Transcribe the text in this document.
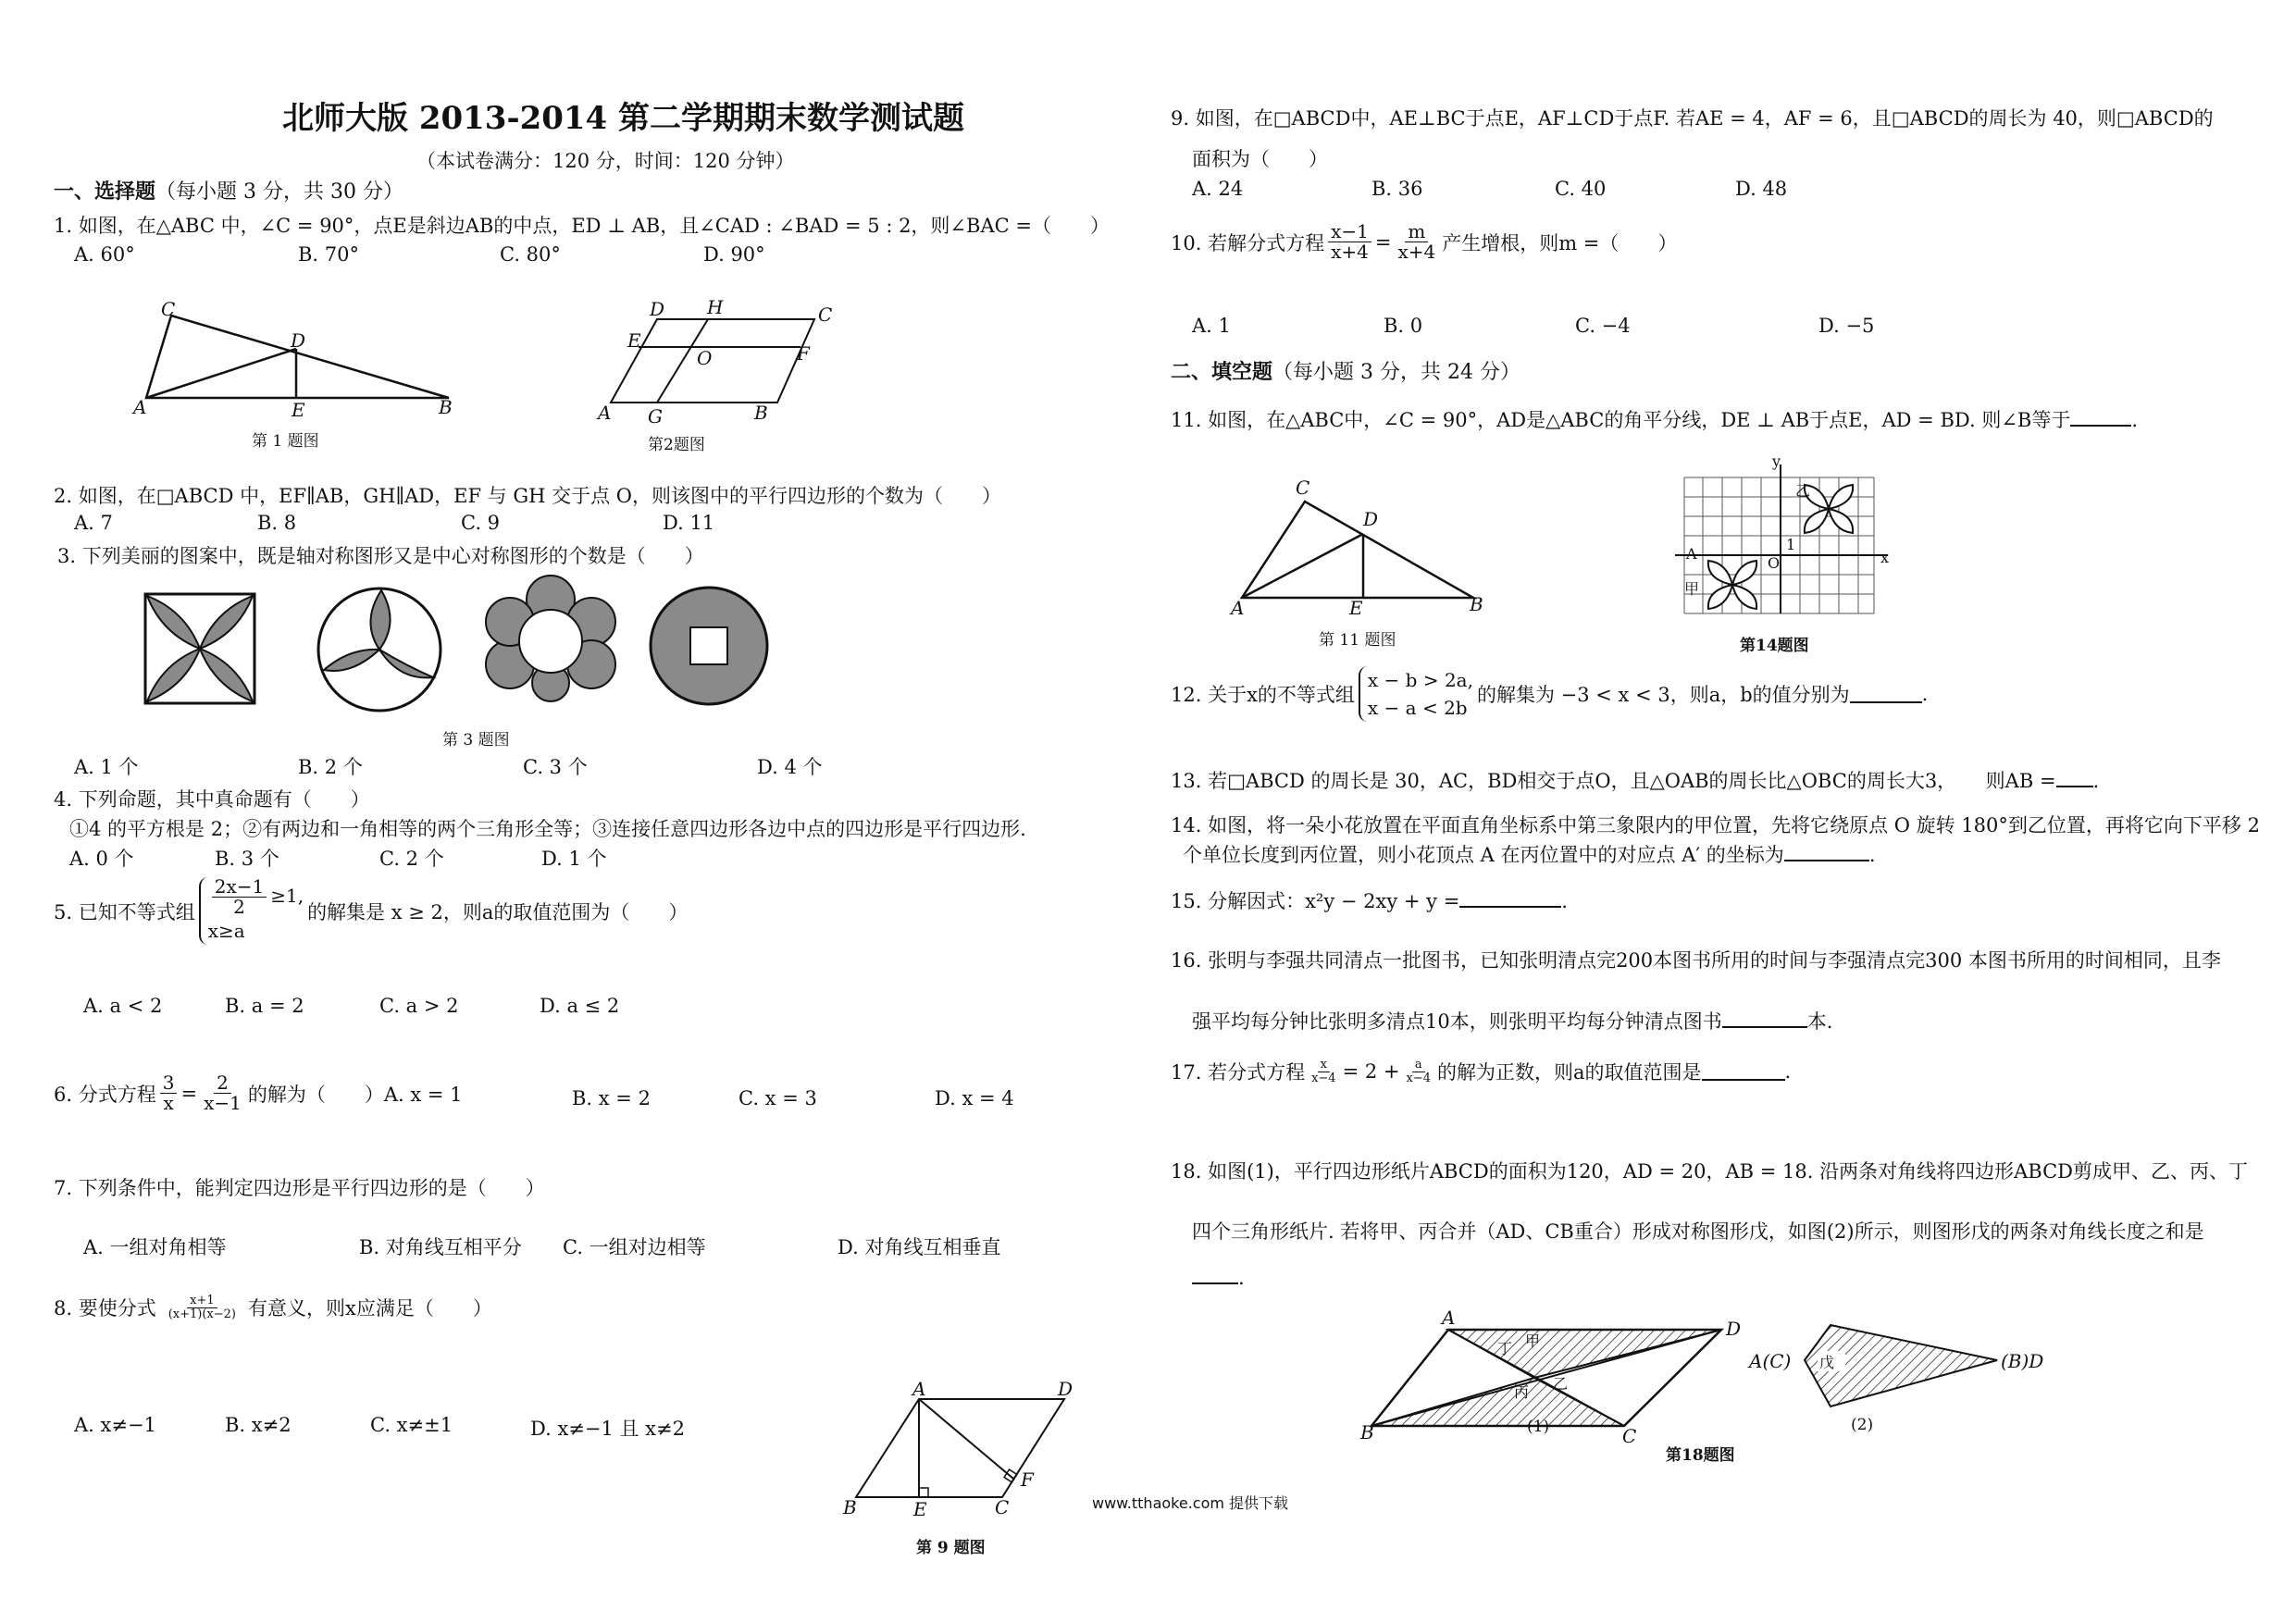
北师大版 2013-2014 第二学期期末数学测试题
（本试卷满分：120 分，时间：120 分钟）
一、选择题（每小题 3 分，共 30 分）
1. 如图，在△ABC 中，∠C = 90°，点E是斜边AB的中点，ED ⊥ AB，且∠CAD : ∠BAD = 5 : 2，则∠BAC =（　　）
A. 60°	B. 70°	C. 80°	D. 90°
C
A
D
E	B
第 1 题图
D H	C
E
O	F
A G	B
第2题图
2. 如图，在□ABCD 中，EF∥AB，GH∥AD，EF 与 GH 交于点 O，则该图中的平行四边形的个数为（　　）
A. 7	B. 8	C. 9	D. 11
3. 下列美丽的图案中，既是轴对称图形又是中心对称图形的个数是（　　）
第 3 题图
A. 1 个	B. 2 个	C. 3 个	D. 4 个
4. 下列命题，其中真命题有（　　）
①4 的平方根是 2；②有两边和一角相等的两个三角形全等；③连接任意四边形各边中点的四边形是平行四边形.
A. 0 个	B. 3 个	C. 2 个	D. 1 个
5. 已知不等式组 $\frac{2x-1}{2} \ge 1$,
x≥a
的解集是 x ≥ 2，则a的取值范围为（　　）
A. a < 2	B. a = 2	C. a > 2	D. a ≤ 2
6. 分式方程 $\frac{3}{x} = \frac{2}{x-1}$ 的解为（　　）A. x = 1	B. x = 2	C. x = 3	D. x = 4
7. 下列条件中，能判定四边形是平行四边形的是（　　）
A. 一组对角相等	B. 对角线互相平分 C. 一组对边相等	D. 对角线互相垂直
8. 要使分式 $\frac{x+1}{(x+1)(x-2)}$ 有意义，则x应满足（　　）
A. x≠−1	B. x≠2	C. x≠±1	D. x≠−1 且 x≠2
A	D
F
B	E	C
第 9 题图
www.tthaoke.com 提供下载
9. 如图，在□ABCD中，AE⊥BC于点E，AF⊥CD于点F. 若AE = 4，AF = 6，且□ABCD的周长为 40，则□ABCD的
面积为（　　）
A. 24	B. 36	C. 40	D. 48
10. 若解分式方程 $\frac{x-1}{x+4} = \frac{m}{x+4}$ 产生增根，则m =（　　）
A. 1	B. 0	C. −4	D. −5
二、填空题（每小题 3 分，共 24 分）
11. 如图，在△ABC中，∠C = 90°，AD是△ABC的角平分线，DE ⊥ AB于点E，AD = BD. 则∠B等于	.
C
A
D
E	B
第 11 题图
y
x
O
1
乙
A
甲
第14题图
12. 关于x的不等式组
x − b > 2a,
x − a < 2b
的解集为 −3 < x < 3，则a，b的值分别为	.
13. 若□ABCD 的周长是 30，AC，BD相交于点O，且△OAB的周长比△OBC的周长大3，　　则AB = .
14. 如图，将一朵小花放置在平面直角坐标系中第三象限内的甲位置，先将它绕原点 O 旋转 180°到乙位置，再将它向下平移 2
个单位长度到丙位置，则小花顶点 A 在丙位置中的对应点 A′ 的坐标为	.
15. 分解因式：x²y − 2xy + y =	.
16. 张明与李强共同清点一批图书，已知张明清点完200本图书所用的时间与李强清点完300 本图书所用的时间相同，且李
强平均每分钟比张明多清点10本，则张明平均每分钟清点图书	本.
17. 若分式方程 $\frac{x}{x-4} = 2 + \frac{a}{x-4}$ 的解为正数，则a的取值范围是	.
18. 如图(1)，平行四边形纸片ABCD的面积为120，AD = 20，AB = 18. 沿两条对角线将四边形ABCD剪成甲、乙、丙、丁
四个三角形纸片. 若将甲、丙合并（AD、CB重合）形成对称图形戊，如图(2)所示，则图形戊的两条对角线长度之和是
.
A	D
B	C
丁 甲
丙 乙
(1)
A(C)	(B)D
戊
(2)
第18题图
